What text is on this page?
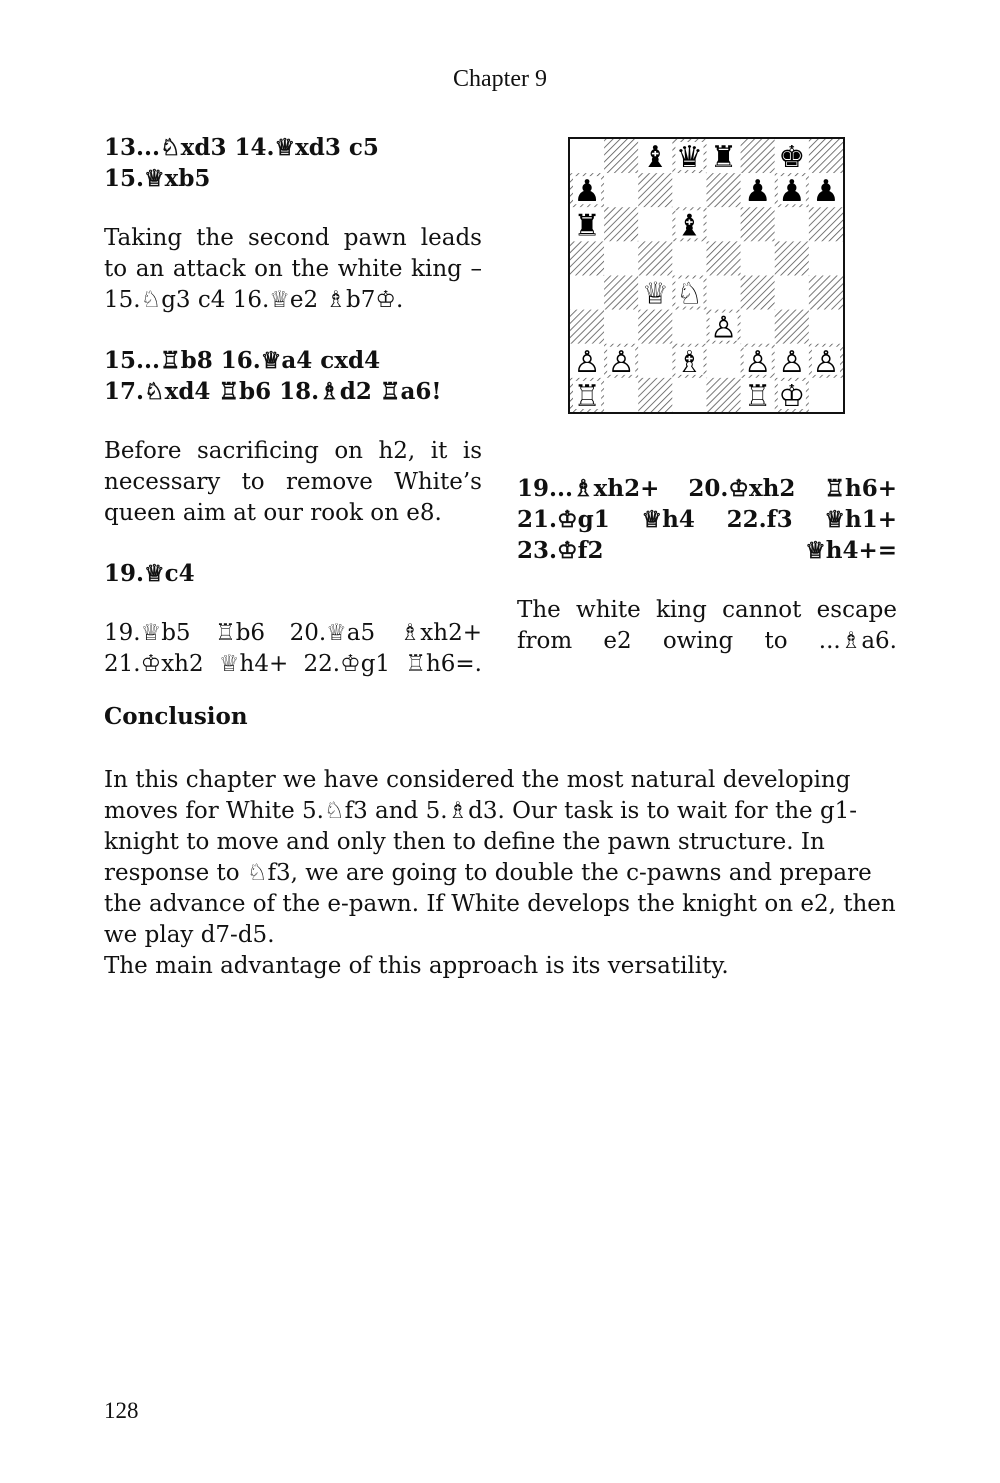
Chapter 9

13...♘xd3 14.♕xd3 c5 15.♕xb5

Taking the second pawn leads to an attack on the white king – 15.♘g3 c4 16.♕e2 ♗b7♔.

15...♖b8 16.♕a4 cxd4 17.♘xd4 ♖b6 18.♗d2 ♖a6!

Before sacrificing on h2, it is necessary to remove White’s queen aim at our rook on e8.

19.♕c4

19.♕b5 ♖b6 20.♕a5 ♗xh2+ 21.♔xh2 ♕h4+ 22.♔g1 ♖h6=.

♝ ♛ ♜ ♚
♟	♟ ♟ ♟
♜	♝
♕ ♘
♙
♙ ♙ ♗ ♙ ♙ ♙
♖	♖ ♔

19...♗xh2+ 20.♔xh2 ♖h6+ 21.♔g1 ♕h4 22.f3 ♕h1+ 23.♔f2 ♕h4+=

The white king cannot escape from e2 owing to ...♗a6.

Conclusion

In this chapter we have considered the most natural developing moves for White 5.♘f3 and 5.♗d3. Our task is to wait for the g1-knight to move and only then to define the pawn structure. In response to ♘f3, we are going to double the c-pawns and prepare the advance of the e-pawn. If White develops the knight on e2, then we play d7-d5.

The main advantage of this approach is its versatility.

128
